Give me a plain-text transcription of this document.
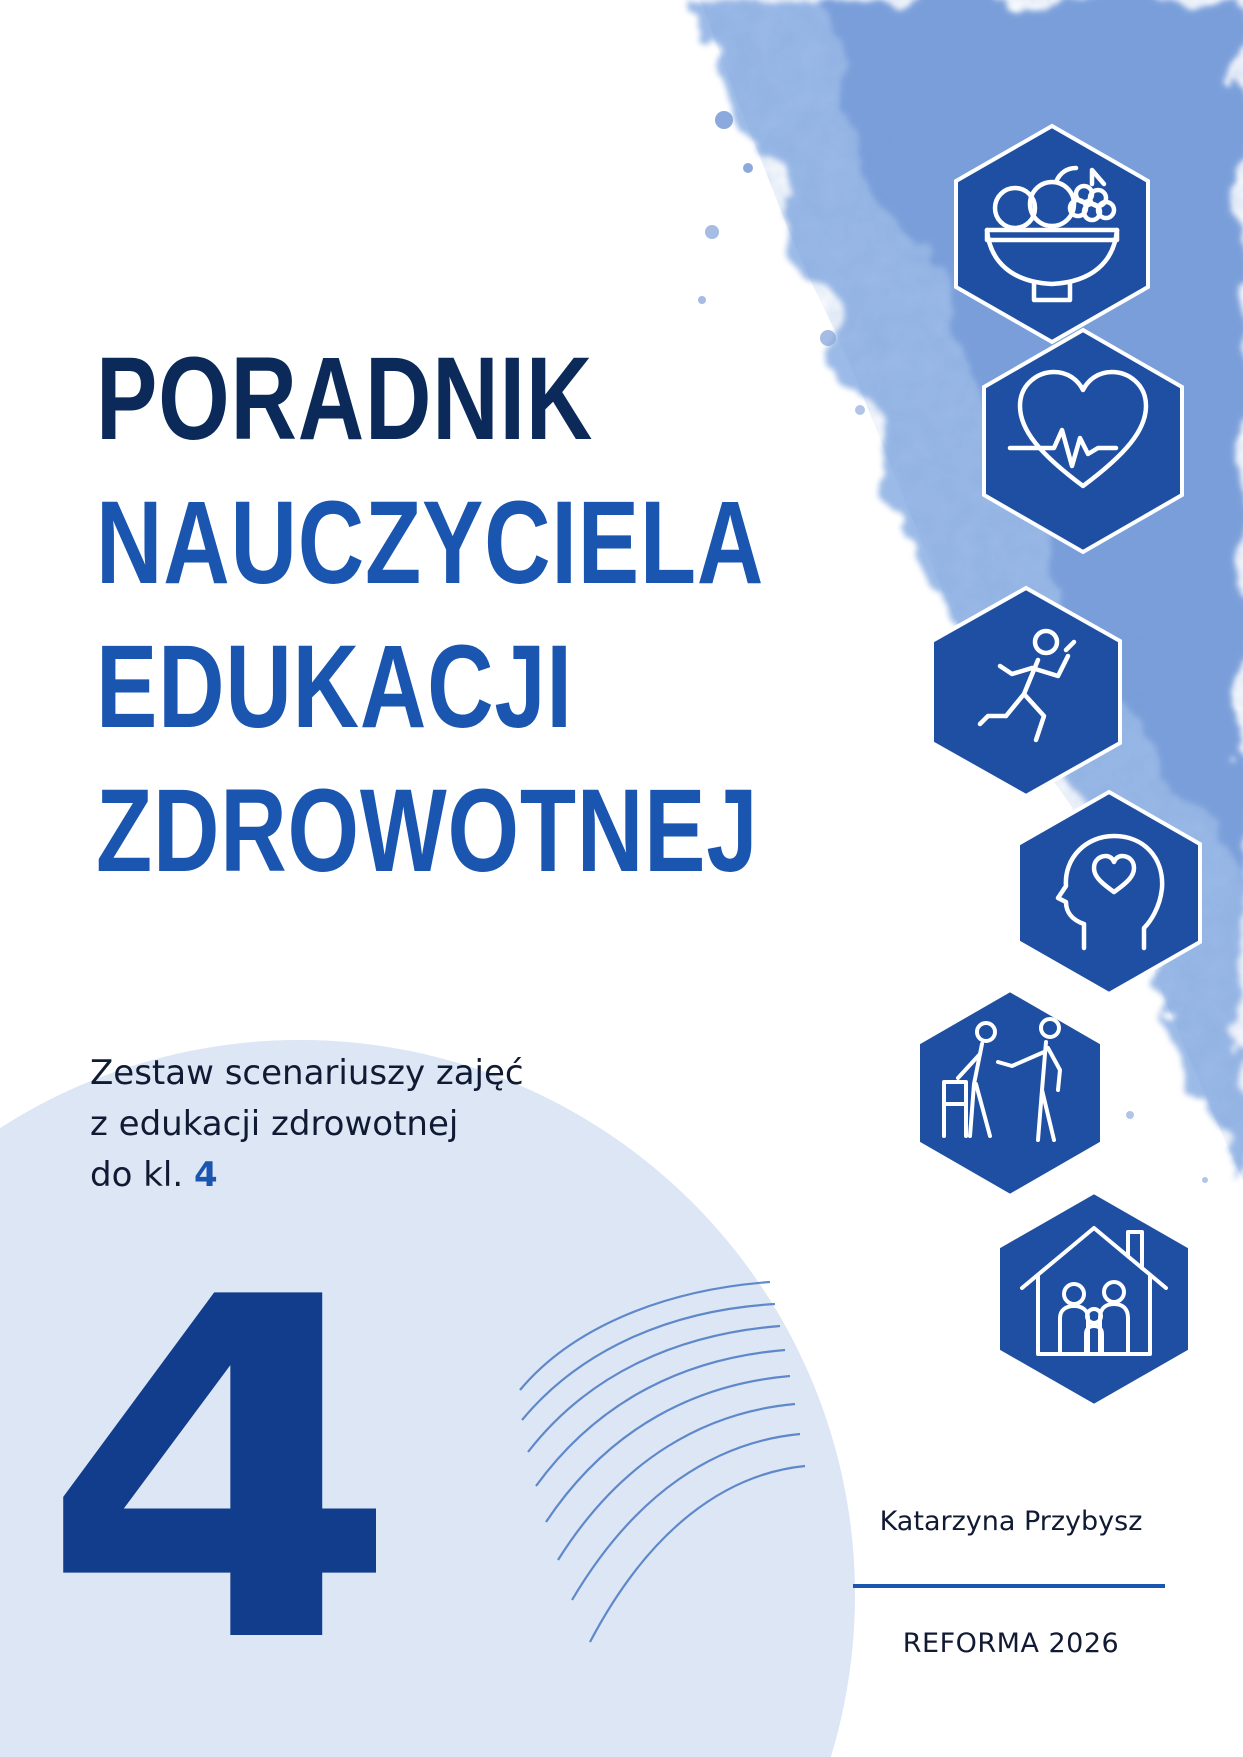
PORADNIK
NAUCZYCIELA
EDUKACJI
ZDROWOTNEJ
Zestaw scenariuszy zajęć
z edukacji zdrowotnej
do kl. 4
4	Katarzyna Przybysz
REFORMA 2026
